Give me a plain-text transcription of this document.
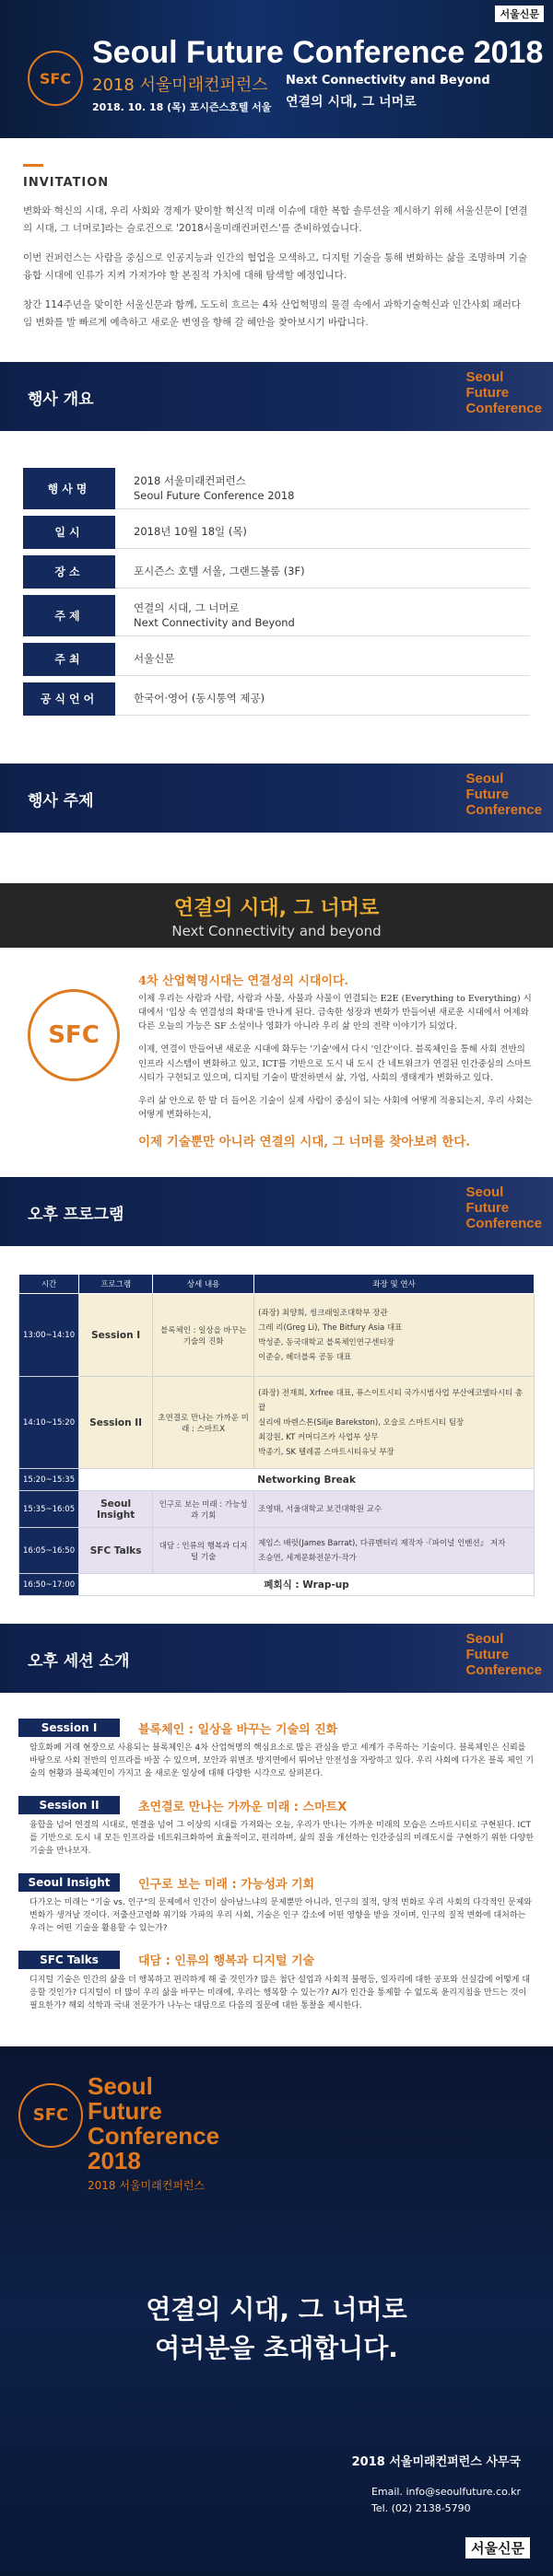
서울신문
SFC
Seoul Future Conference 2018
2018 서울미래컨퍼런스
2018. 10. 18 (목) 포시즌스호텔 서울
Next Connectivity and Beyond
연결의 시대, 그 너머로
INVITATION

변화와 혁신의 시대, 우리 사회와 경제가 맞이할 혁신적 미래 이슈에 대한 복합 솔루션을 제시하기 위해 서울신문이 [연결의 시대, 그 너머로]라는 슬로건으로 '2018서울미래컨퍼런스'를 준비하였습니다.

이번 컨퍼런스는 사람을 중심으로 인공지능과 인간의 협업을 모색하고, 디지털 기술을 통해 변화하는 삶을 조명하며 기술융합 시대에 인류가 지켜 가져가야 할 본질적 가치에 대해 탐색할 예정입니다.

창간 114주년을 맞이한 서울신문과 함께, 도도히 흐르는 4차 산업혁명의 물결 속에서 과학기술혁신과 인간사회 패러다임 변화를 발 빠르게 예측하고 새로운 변영을 향해 갈 혜안을 찾아보시기 바랍니다.

행사 개요
Seoul
Future
Conference
행사명
2018 서울미래컨퍼런스
Seoul Future Conference 2018
일시	2018년 10월 18일 (목)
장소	포시즌스 호텔 서울, 그랜드볼룸 (3F)
주제
연결의 시대, 그 너머로
Next Connectivity and Beyond
주최	서울신문
공식언어	한국어·영어 (동시통역 제공)
행사 주제
Seoul
Future
Conference
연결의 시대, 그 너머로
Next Connectivity and beyond
SFC
4차 산업혁명시대는 연결성의 시대이다.

이제 우리는 사람과 사람, 사람과 사물, 사물과 사물이 연결되는 E2E (Everything to Everything) 시대에서 '입상 속 연결성의 확대'를 만나게 된다. 급속한 성장과 변화가 만들어낸 새로운 시대에서 어제와 다른 오늘의 가능은 SF 소설이나 영화가 아니라 우리 삶 안의 전략 이야기가 되었다.

이제, 연결이 만들어낸 새로운 시대에 화두는 '기술'에서 다시 '인간'이다. 블록체인을 통해 사회 전반의 인프라 시스템이 변화하고 있고, ICT를 기반으로 도시 내 도시 간 네트워크가 연결된 인간중심의 스마트시티가 구현되고 있으며, 디지털 기술이 발전하면서 삶, 가업, 사회의 생태계가 변화하고 있다.

우리 삶 안으로 한 발 더 들어온 기술이 실제 사람이 중심이 되는 사회에 어떻게 적용되는지, 우리 사회는 어떻게 변화하는지,

이제 기술뿐만 아니라 연결의 시대, 그 너머를 찾아보려 한다.
오후 프로그램
Seoul
Future
Conference
시간	프로그램	상세 내용	좌장 및 연사
13:00~14:10	Session I	블록체인 : 일상을 바꾸는 기술의 진화	(좌장) 최양희, 씽크래일조대학부 장관
그레 리(Greg Li), The Bitfury Asia 대표
박성준, 동국대학교 블록체인연구센터장
이준승, 헤더블록 공동 대표

14:10~15:20	Session II	초연결로 만나는 가까운 미래 : 스마트X	(좌장) 전재희, Xrfree 대표, 퓨스이트시티 국가시범사업 부산에코델타시티 총괄
실리에 바렌스톤(Silje Barekston), 오슬로 스마트시티 팀장
최강원, KT 커머디즈카 사업부 상무
박종기, SK 텔레콤 스마트시티유닛 부장

15:20~15:35	Networking Break		
15:35~16:05	Seoul Insight	인구로 보는 미래 : 가능성과 기회	조영태, 서울대학교 보건대학원 교수

16:05~16:50	SFC Talks	대담 : 인류의 행복과 디지털 기술	제임스 배럿(James Barrat), 다큐멘터리 제작자 ·『파이널 인벤션』 저자
조승연, 세계문화전문가·작가

16:50~17:00	폐회식 : Wrap-up		
오후 세션 소개
Seoul
Future
Conference
Session I	블록체인 : 일상을 바꾸는 기술의 진화

암호화폐 거래 현장으로 사용되는 블록체인은 4차 산업혁명의 핵심요소로 많은 관심을 받고 세계가 주목하는 기술이다. 블록체인은 신뢰를 바탕으로 사회 전반의 인프라를 바꿀 수 있으며, 보안과 위변조 방지면에서 뛰어난 안전성을 자랑하고 있다. 우리 사회에 다가온 블록 체인 기술의 현황과 블록체인이 가지고 올 새로운 일상에 대해 다양한 시각으로 살펴본다.

Session II	초연결로 만나는 가까운 미래 : 스마트X

융합을 넘어 연결의 시대로, 연결을 넘어 그 이상의 시대를 가져와는 오늘, 우리가 만나는 가까운 미래의 모습은 스마트시티로 구현된다. ICT를 기반으로 도시 내 모든 인프라를 네트워크화하여 효율적이고, 편리하며, 삶의 질을 개선하는 인간중심의 미래도시를 구현하기 위한 다양한 기술을 만나보자.

Seoul Insight	인구로 보는 미래 : 가능성과 기회

다가오는 미래는 "기술 vs. 인구"의 문제에서 인간이 살아남느냐의 문제뿐만 아니라, 인구의 질적, 양적 변화로 우리 사회의 다각적인 문제와 변화가 생겨날 것이다. 저출산고령화 위기와 가파의 우리 사회, 기술은 인구 감소에 어떤 영향을 받을 것이며, 인구의 질적 변화에 대처하는 우리는 어떤 기술을 활용할 수 있는가?

SFC Talks	대담 : 인류의 행복과 디지털 기술

디지털 기술은 인간의 삶을 더 행복하고 편리하게 해 줄 것인가? 많은 첨단 설업과 사회적 불평등, 일자리에 대한 공포와 선실감에 어떻게 대응할 것인가? 디지털이 더 많이 우리 삶을 바꾸는 미래에, 우리는 행복할 수 있는가? AI가 인간을 통제할 수 없도록 윤리지침을 만드는 것이 필요한가? 해외 석학과 국내 전문가가 나누는 대담으로 다음의 질문에 대한 통찰을 제시한다.

SFC
Seoul
Future
Conference
2018
2018 서울미래컨퍼런스
연결의 시대, 그 너머로
여러분을 초대합니다.
2018 서울미래컨퍼런스 사무국
Email. info@seoulfuture.co.kr
Tel. (02) 2138-5790
서울신문
